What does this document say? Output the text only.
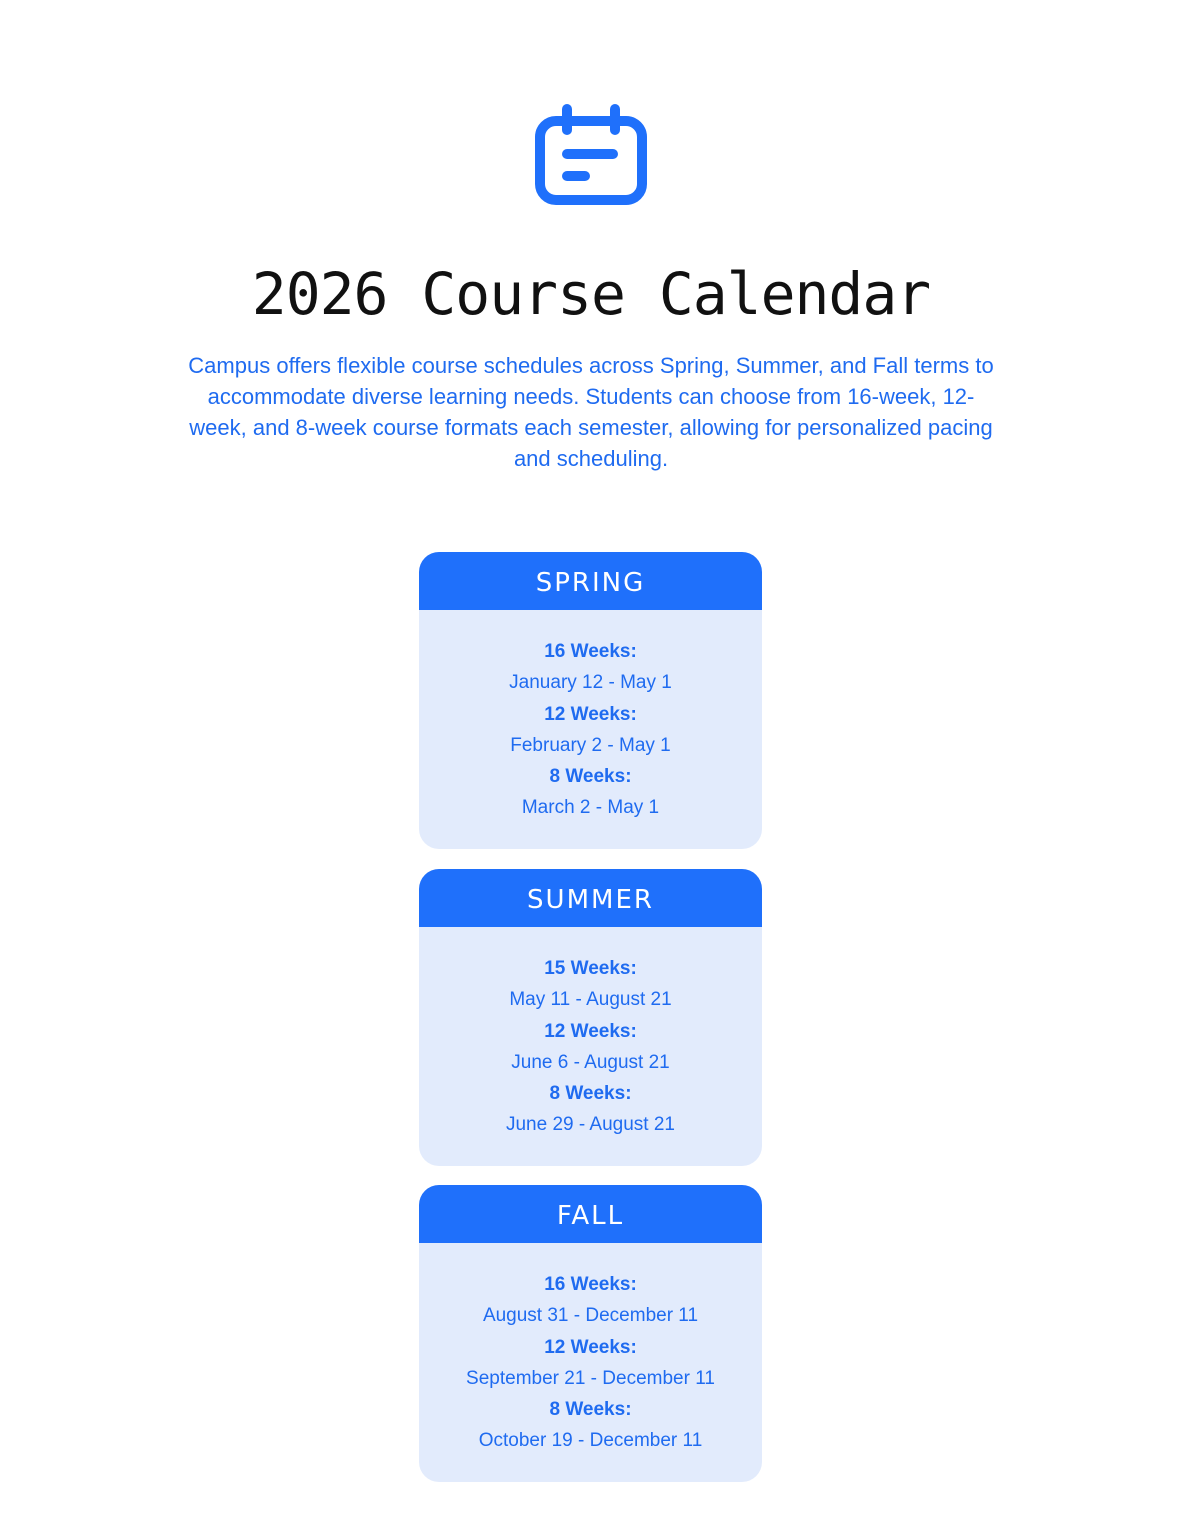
2026 Course Calendar

Campus offers flexible course schedules across Spring, Summer, and Fall terms to accommodate diverse learning needs. Students can choose from 16-week, 12-week, and 8-week course formats each semester, allowing for personalized pacing and scheduling.

SPRING
16 Weeks:
January 12 - May 1
12 Weeks:
February 2 - May 1
8 Weeks:
March 2 - May 1
SUMMER
15 Weeks:
May 11 - August 21
12 Weeks:
June 6 - August 21
8 Weeks:
June 29 - August 21
FALL
16 Weeks:
August 31 - December 11
12 Weeks:
September 21 - December 11
8 Weeks:
October 19 - December 11
